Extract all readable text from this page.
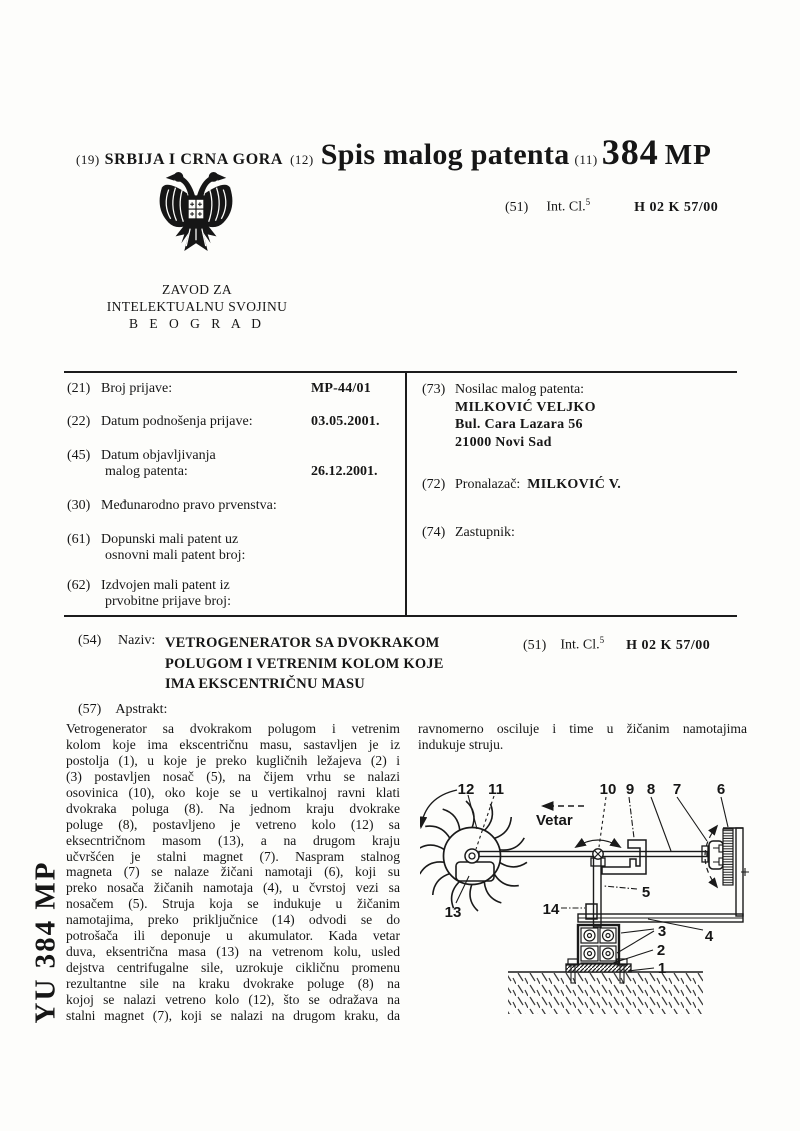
(19) SRBIJA I CRNA GORA (12) Spis malog patenta (11) 384 MP
(51) Int. Cl.$^5$	H 02 K 57/00
ZAVOD ZA
INTELEKTUALNU SVOJINU
B E O G R A D
(21) Broj prijave:	MP-44/01
(22) Datum podnošenja prijave:	03.05.2001.
(45) Datum objavljivanja
malog patenta:	26.12.2001.
(30) Međunarodno pravo prvenstva:
(61) Dopunski mali patent uz
osnovni mali patent broj:
(62) Izdvojen mali patent iz
prvobitne prijave broj:
(73) Nosilac malog patenta:
MILKOVIĆ VELJKO
Bul. Cara Lazara 56
21000 Novi Sad
(72) Pronalazač: MILKOVIĆ V.
(74) Zastupnik:
(54)	Naziv: VETROGENERATOR SA DVOKRAKOM
POLUGOM I VETRENIM KOLOM KOJE
IMA EKSCENTRIČNU MASU
(51) Int. Cl.$^5$ H 02 K 57/00
(57) Apstrakt:
Vetrogenerator sa dvokrakom polugom i vetrenim
kolom koje ima ekscentričnu masu, sastavljen je iz
postolja (1), u koje je preko kugličnih ležajeva (2) i
(3) postavljen nosač (5), na čijem vrhu se nalazi
osovinica (10), oko koje se u vertikalnoj ravni klati
dvokraka poluga (8). Na jednom kraju dvokrake
poluge (8), postavljeno je vetreno kolo (12) sa
eksecntričnom masom (13), a na drugom kraju
učvršćen je stalni magnet (7). Naspram stalnog
magneta (7) se nalaze žičani namotaji (6), koji su
preko nosača žičanih namotaja (4), u čvrstoj vezi sa
nosačem (5). Struja koja se indukuje u žičanim
namotajima, preko priključnice (14) odvodi se do
potrošača ili deponuje u akumulator. Kada vetar
duva, eksentrična masa (13) na vetrenom kolu, usled
dejstva centrifugalne sile, uzrokuje cikličnu promenu
rezultantne sile na kraku dvokrake poluge (8) na
kojoj se nalazi vetreno kolo (12), što se odražava na
stalni magnet (7), koji se nalazi na drugom kraku, da
ravnomerno osciluje i time u žičanim namotajima
indukuje struju.
YU 384 MP
Vetar
12 11	10 9 8 7 6
13	14
5
4
3
2
1
